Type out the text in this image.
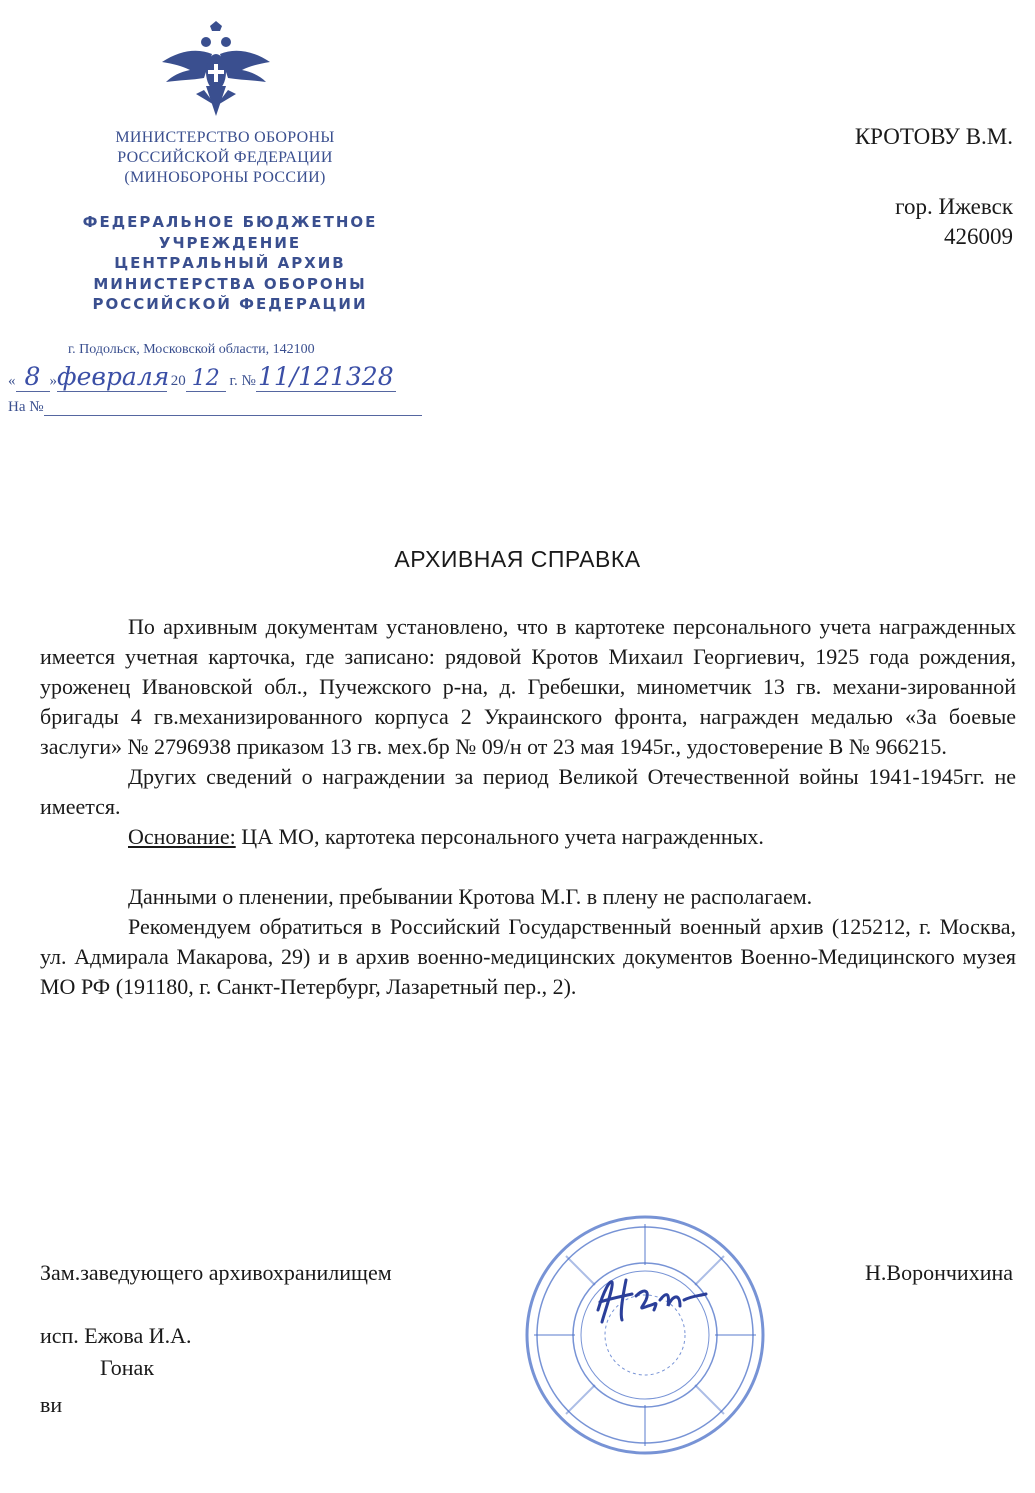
МИНИСТЕРСТВО ОБОРОНЫ
РОССИЙСКОЙ ФЕДЕРАЦИИ
(МИНОБОРОНЫ РОССИИ)
ФЕДЕРАЛЬНОЕ БЮДЖЕТНОЕ
УЧРЕЖДЕНИЕ
ЦЕНТРАЛЬНЫЙ АРХИВ
МИНИСТЕРСТВА ОБОРОНЫ
РОССИЙСКОЙ ФЕДЕРАЦИИ
г. Подольск, Московской области, 142100
« 8 »февраля 20 12 г. №11/121328
На №
КРОТОВУ В.М.
гор. Ижевск
426009
АРХИВНАЯ СПРАВКА

По архивным документам установлено, что в картотеке персонального учета награжденных имеется учетная карточка, где записано: рядовой Кротов Михаил Георгиевич, 1925 года рождения, уроженец Ивановской обл., Пучежского р-на, д. Гребешки, минометчик 13 гв. механи-зированной бригады 4 гв.механизированного корпуса 2 Украинского фронта, награжден медалью «За боевые заслуги» № 2796938 приказом 13 гв. мех.бр № 09/н от 23 мая 1945г., удостоверение В № 966215.

Других сведений о награждении за период Великой Отечественной войны 1941-1945гг. не имеется.

Основание: ЦА МО, картотека персонального учета награжденных.

Данными о пленении, пребывании Кротова М.Г. в плену не располагаем.

Рекомендуем обратиться в Российский Государственный военный архив (125212, г. Москва, ул. Адмирала Макарова, 29) и в архив военно-медицинских документов Военно-Медицинского музея МО РФ (191180, г. Санкт-Петербург, Лазаретный пер., 2).

Зам.заведующего архивохранилищем	Н.Ворончихина
исп. Ежова И.А.
Гонак
ви
